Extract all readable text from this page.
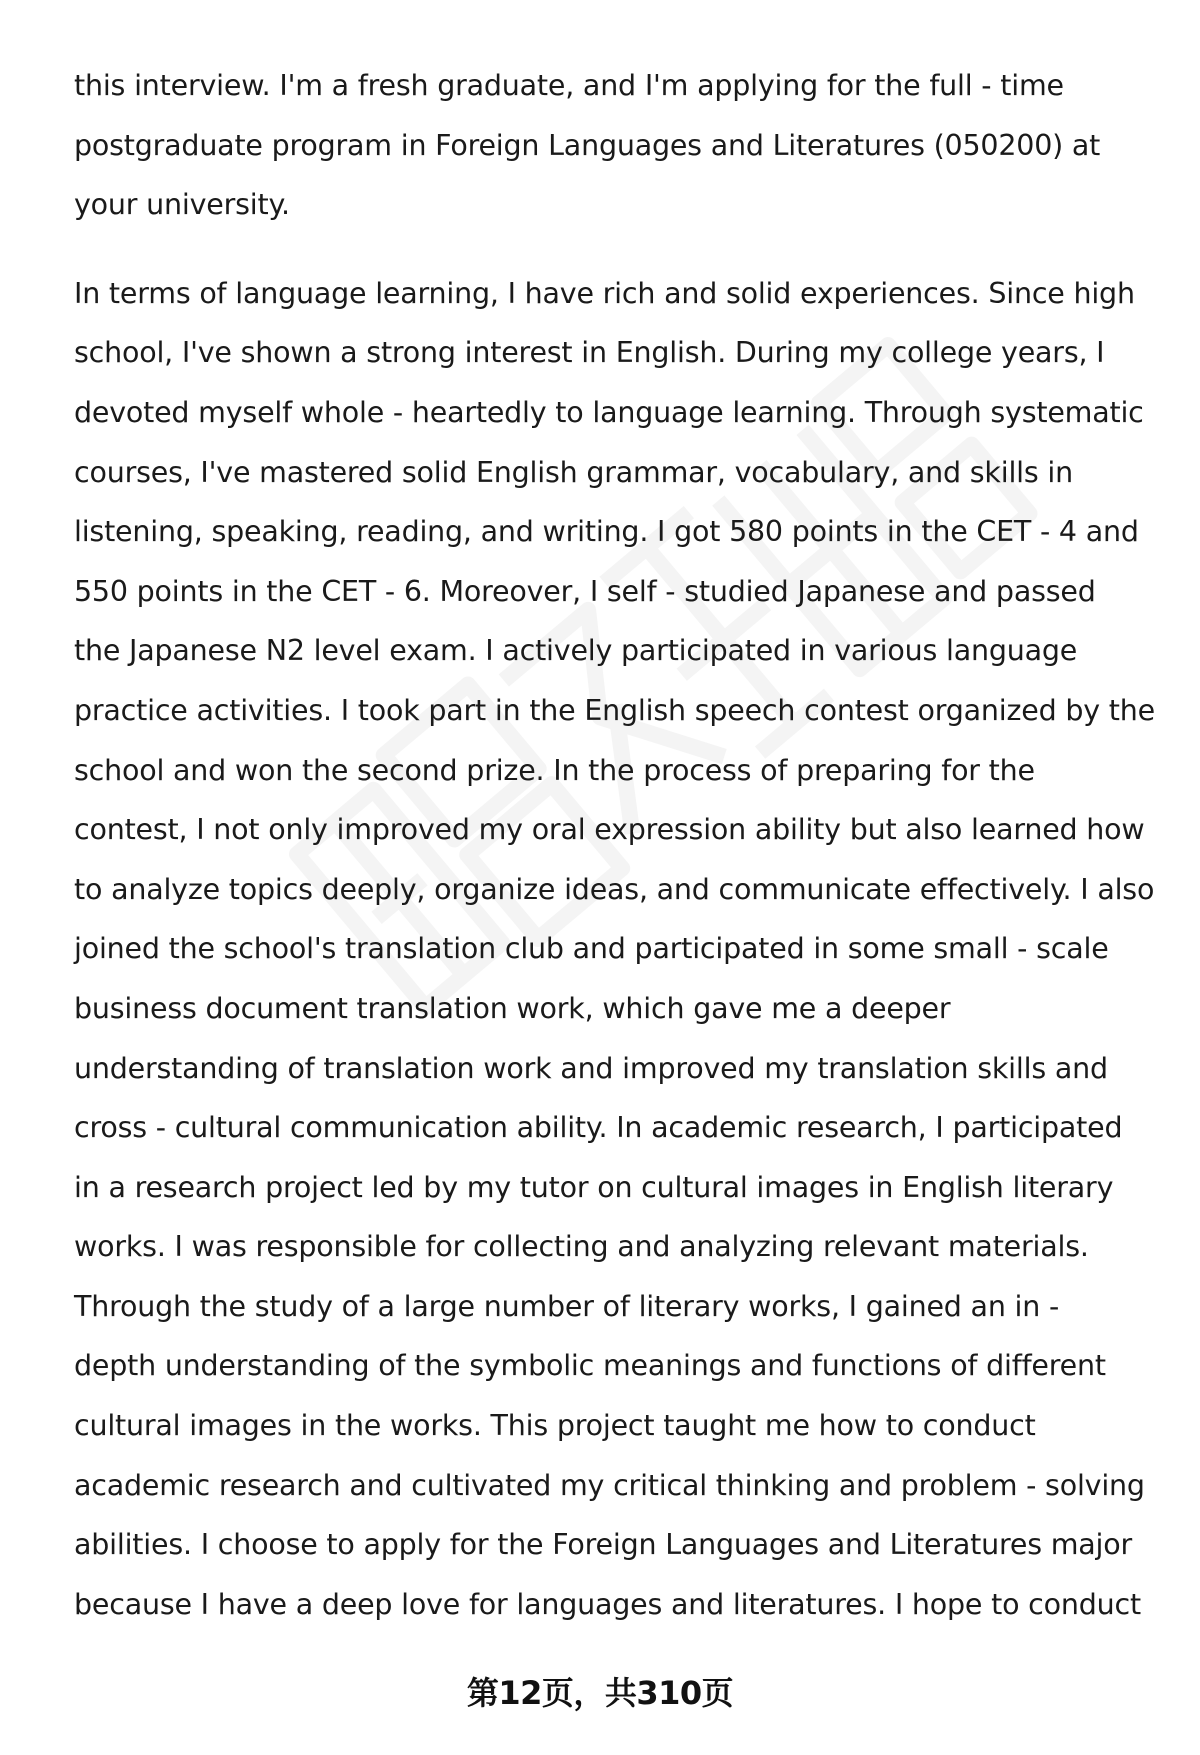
this interview. I'm a fresh graduate, and I'm applying for the full - time
postgraduate program in Foreign Languages and Literatures (050200) at
your university.

In terms of language learning, I have rich and solid experiences. Since high
school, I've shown a strong interest in English. During my college years, I
devoted myself whole - heartedly to language learning. Through systematic
courses, I've mastered solid English grammar, vocabulary, and skills in
listening, speaking, reading, and writing. I got 580 points in the CET - 4 and
550 points in the CET - 6. Moreover, I self - studied Japanese and passed
the Japanese N2 level exam. I actively participated in various language
practice activities. I took part in the English speech contest organized by the
school and won the second prize. In the process of preparing for the
contest, I not only improved my oral expression ability but also learned how
to analyze topics deeply, organize ideas, and communicate effectively. I also
joined the school's translation club and participated in some small - scale
business document translation work, which gave me a deeper
understanding of translation work and improved my translation skills and
cross - cultural communication ability. In academic research, I participated
in a research project led by my tutor on cultural images in English literary
works. I was responsible for collecting and analyzing relevant materials.
Through the study of a large number of literary works, I gained an in -
depth understanding of the symbolic meanings and functions of different
cultural images in the works. This project taught me how to conduct
academic research and cultivated my critical thinking and problem - solving
abilities. I choose to apply for the Foreign Languages and Literatures major
because I have a deep love for languages and literatures. I hope to conduct

第12页，共310页
